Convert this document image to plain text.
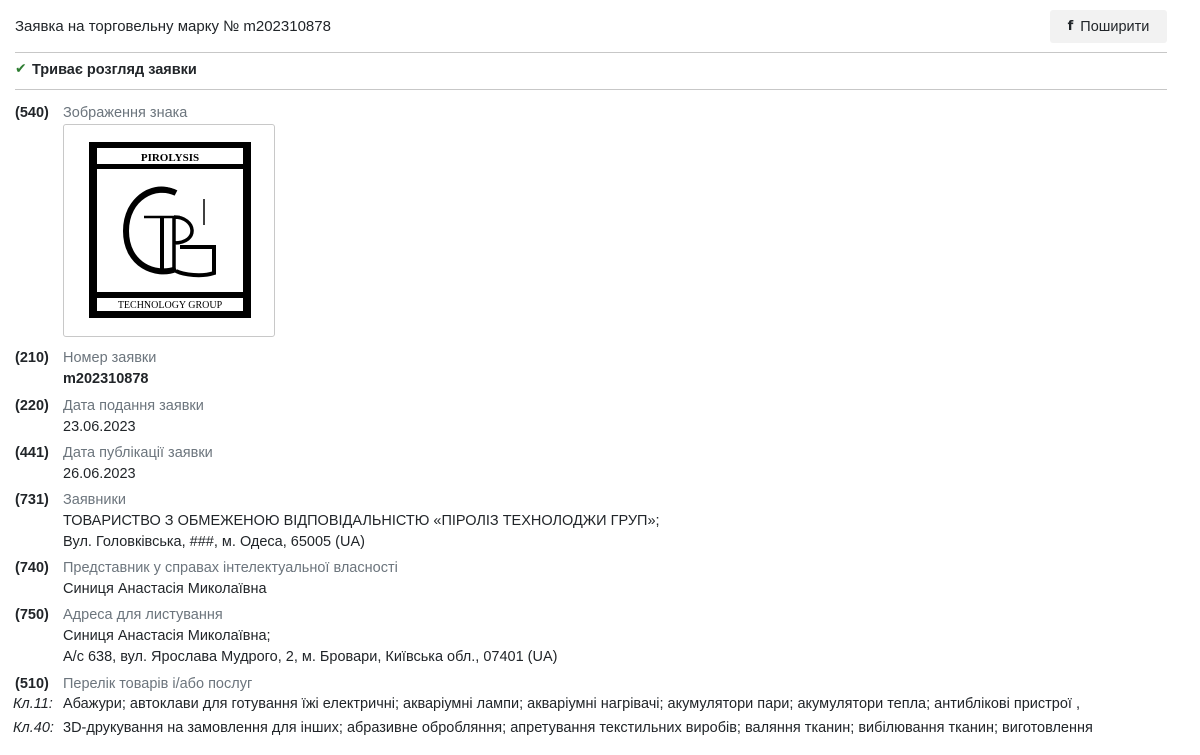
Заявка на торговельну марку № m202310878	f Поширити
✔ Триває розгляд заявки
(540) Зображення знака
PIROLYSIS
TECHNOLOGY GROUP
(210) Номер заявки
m202310878
(220) Дата подання заявки
23.06.2023
(441) Дата публікації заявки
26.06.2023
(731) Заявники
ТОВАРИСТВО З ОБМЕЖЕНОЮ ВІДПОВІДАЛЬНІСТЮ «ПІРОЛІЗ ТЕХНОЛОДЖИ ГРУП»;
Вул. Головківська, ###, м. Одеса, 65005 (UA)
(740) Представник у справах інтелектуальної власності
Синиця Анастасія Миколаївна
(750) Адреса для листування
Синиця Анастасія Миколаївна;
А/с 638, вул. Ярослава Мудрого, 2, м. Бровари, Київська обл., 07401 (UA)
(510) Перелік товарів і/або послуг
Кл.11: Абажури; автоклави для готування їжі електричні; акваріумні лампи; акваріумні нагрівачі; акумулятори пари; акумулятори тепла; антиблікові пристрої ,
Кл.40: 3D-друкування на замовлення для інших; абразивне обробляння; апретування текстильних виробів; валяння тканин; вибілювання тканин; виготовлення
